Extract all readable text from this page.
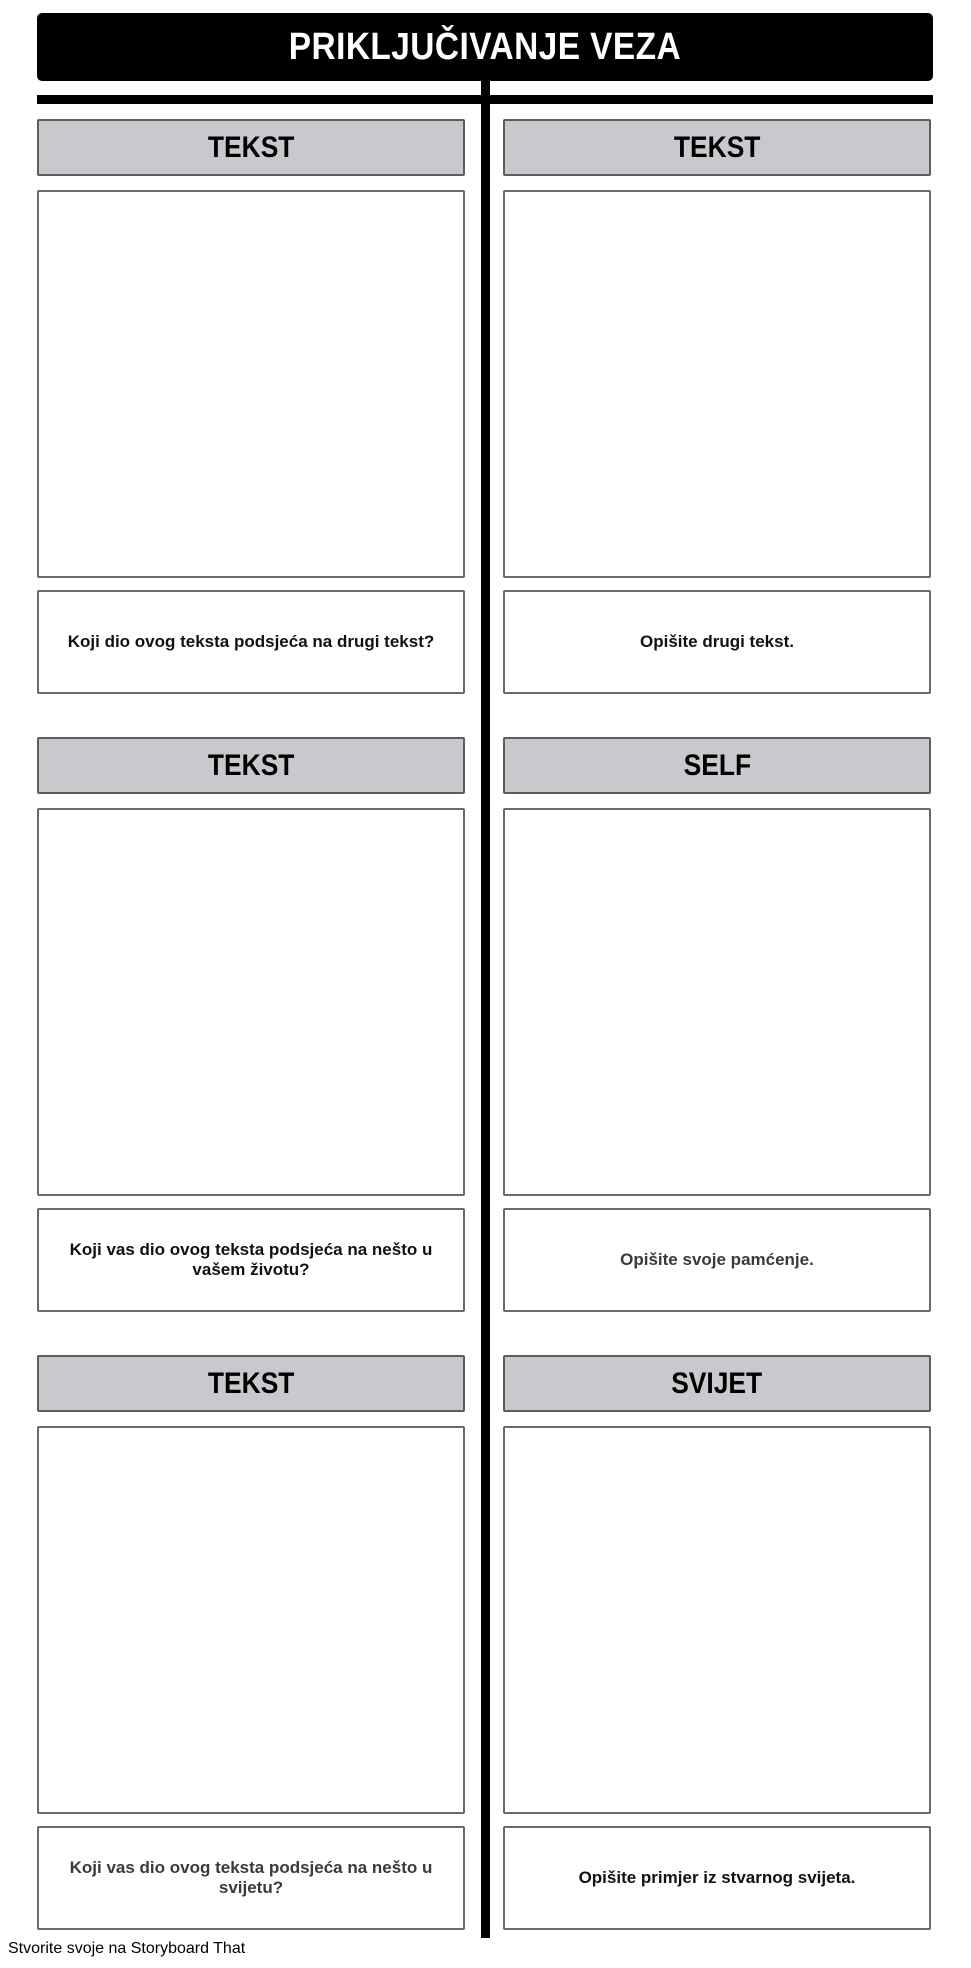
PRIKLJUČIVANJE VEZA
TEKST
Koji dio ovog teksta podsjeća na drugi tekst?
TEKST
Opišite drugi tekst.
TEKST
Koji vas dio ovog teksta podsjeća na nešto u vašem životu?
SELF
Opišite svoje pamćenje.
TEKST
Koji vas dio ovog teksta podsjeća na nešto u svijetu?
SVIJET
Opišite primjer iz stvarnog svijeta.
Stvorite svoje na Storyboard That
